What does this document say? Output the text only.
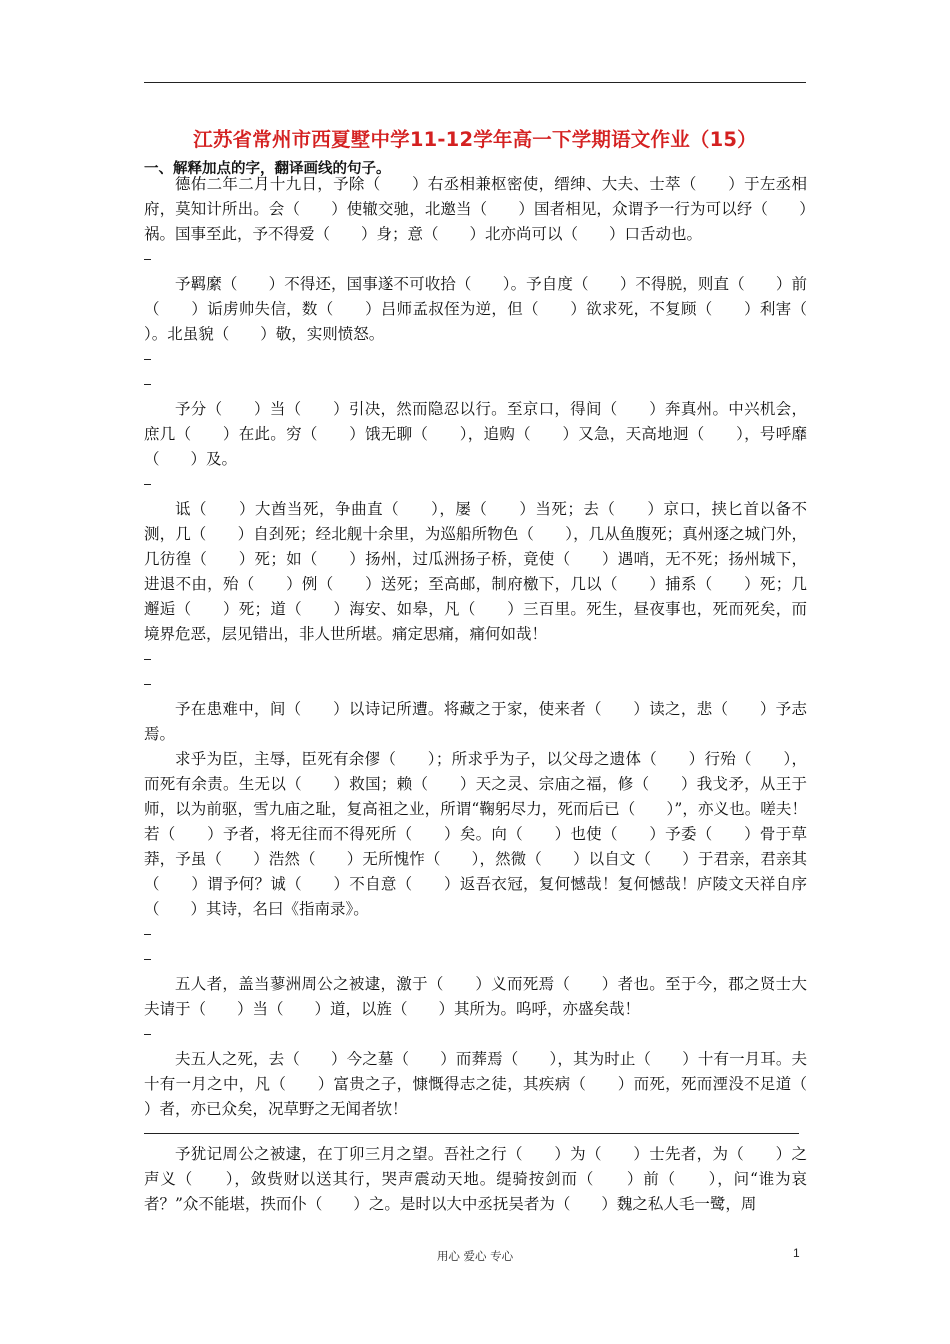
江苏省常州市西夏墅中学11-12学年高一下学期语文作业（15）
一、解释加点的字，翻译画线的句子。

德佑二年二月十九日，予除（　　）右丞相兼枢密使，缙绅、大夫、士萃（　　）于左丞相府，莫知计所出。会（　　）使辙交驰，北邀当（　　）国者相见，众谓予一行为可以纾（　　）祸。国事至此，予不得爱（　　）身；意（　　）北亦尚可以（　　）口舌动也。

予羁縻（　　）不得还，国事遂不可收拾（　　）。予自度（　　）不得脱，则直（　　）前（　　）诟虏帅失信，数（　　）吕师孟叔侄为逆，但（　　）欲求死，不复顾（　　）利害（　　）。北虽貌（　　）敬，实则愤怒。

予分（　　）当（　　）引决，然而隐忍以行。至京口，得间（　　）奔真州。中兴机会，庶几（　　）在此。穷（　　）饿无聊（　　），追购（　　）又急，天高地迥（　　），号呼靡（　　）及。

诋（　　）大酋当死，争曲直（　　），屡（　　）当死；去（　　）京口，挟匕首以备不测，几（　　）自刭死；经北舰十余里，为巡船所物色（　　），几从鱼腹死；真州逐之城门外，几彷徨（　　）死；如（　　）扬州，过瓜洲扬子桥，竟使（　　）遇哨，无不死；扬州城下，进退不由，殆（　　）例（　　）送死；至高邮，制府檄下，几以（　　）捕系（　　）死；几邂逅（　　）死；道（　　）海安、如皋，凡（　　）三百里。死生，昼夜事也，死而死矣，而境界危恶，层见错出，非人世所堪。痛定思痛，痛何如哉！

予在患难中，间（　　）以诗记所遭。将藏之于家，使来者（　　）读之，悲（　　）予志焉。

求乎为臣，主辱，臣死有余僇（　　）；所求乎为子，以父母之遗体（　　）行殆（　　），而死有余责。生无以（　　）救国；赖（　　）天之灵、宗庙之福，修（　　）我戈矛，从王于师，以为前驱，雪九庙之耻，复高祖之业，所谓“鞠躬尽力，死而后已（　　）”，亦义也。嗟夫！若（　　）予者，将无往而不得死所（　　）矣。向（　　）也使（　　）予委（　　）骨于草莽，予虽（　　）浩然（　　）无所愧怍（　　），然微（　　）以自文（　　）于君亲，君亲其（　　）谓予何？诚（　　）不自意（　　）返吾衣冠，复何憾哉！复何憾哉！庐陵文天祥自序（　　）其诗，名曰《指南录》。

五人者，盖当蓼洲周公之被逮，激于（　　）义而死焉（　　）者也。至于今，郡之贤士大夫请于（　　）当（　　）道，以旌（　　）其所为。呜呼，亦盛矣哉！

夫五人之死，去（　　）今之墓（　　）而葬焉（　　），其为时止（　　）十有一月耳。夫十有一月之中，凡（　　）富贵之子，慷慨得志之徒，其疾病（　　）而死，死而湮没不足道（　　）者，亦已众矣，况草野之无闻者欤！

予犹记周公之被逮，在丁卯三月之望。吾社之行（　　）为（　　）士先者，为（　　）之声义（　　），敛赀财以送其行，哭声震动天地。缇骑按剑而（　　）前（　　），问“谁为哀者？”众不能堪，抶而仆（　　）之。是时以大中丞抚吴者为（　　）魏之私人毛一鹭，周

用心 爱心 专心	1
